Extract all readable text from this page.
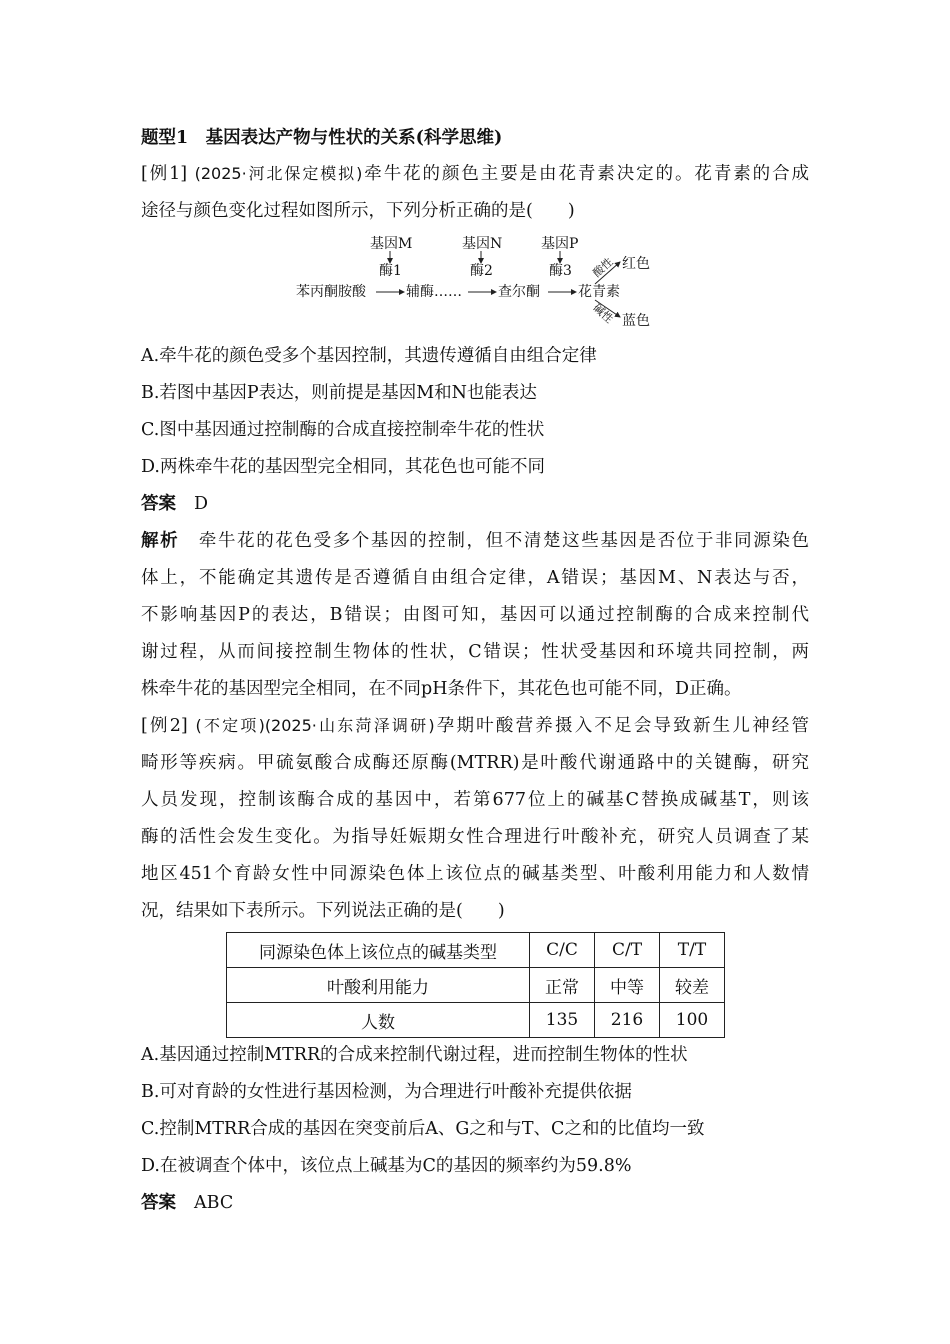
题型1　基因表达产物与性状的关系(科学思维)
[例1] (2025·河北保定模拟)牵牛花的颜色主要是由花青素决定的。花青素的合成
途径与颜色变化过程如图所示，下列分析正确的是(　　)
基因M	基因N	基因P
酶1	酶2	酶3
苯丙酮胺酸	辅酶……	查尔酮	花青素
酸性
碱性
红色
蓝色
A.牵牛花的颜色受多个基因控制，其遗传遵循自由组合定律
B.若图中基因P表达，则前提是基因M和N也能表达
C.图中基因通过控制酶的合成直接控制牵牛花的性状
D.两株牵牛花的基因型完全相同，其花色也可能不同
答案 D
解析 牵牛花的花色受多个基因的控制，但不清楚这些基因是否位于非同源染色
体上，不能确定其遗传是否遵循自由组合定律，A错误；基因M、N表达与否，
不影响基因P的表达，B错误；由图可知，基因可以通过控制酶的合成来控制代
谢过程，从而间接控制生物体的性状，C错误；性状受基因和环境共同控制，两
株牵牛花的基因型完全相同，在不同pH条件下，其花色也可能不同，D正确。
[例2] (不定项)(2025·山东菏泽调研)孕期叶酸营养摄入不足会导致新生儿神经管
畸形等疾病。甲硫氨酸合成酶还原酶(MTRR)是叶酸代谢通路中的关键酶，研究
人员发现，控制该酶合成的基因中，若第677位上的碱基C替换成碱基T，则该
酶的活性会发生变化。为指导妊娠期女性合理进行叶酸补充，研究人员调查了某
地区451个育龄女性中同源染色体上该位点的碱基类型、叶酸利用能力和人数情
况，结果如下表所示。下列说法正确的是(　　)
同源染色体上该位点的碱基类型	C/C	C/T	T/T
叶酸利用能力	正常	中等	较差
人数	135	216	100
A.基因通过控制MTRR的合成来控制代谢过程，进而控制生物体的性状
B.可对育龄的女性进行基因检测，为合理进行叶酸补充提供依据
C.控制MTRR合成的基因在突变前后A、G之和与T、C之和的比值均一致
D.在被调查个体中，该位点上碱基为C的基因的频率约为59.8%
答案 ABC
